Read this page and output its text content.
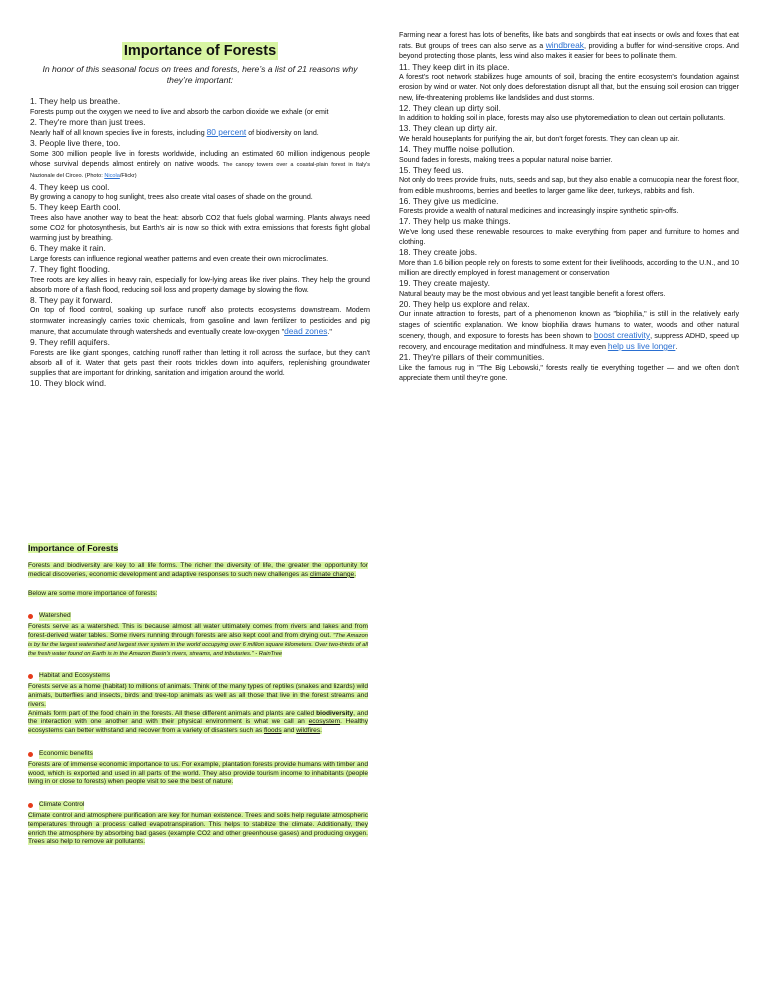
Importance of Forests
In honor of this seasonal focus on trees and forests, here’s a list of 21 reasons why they’re important:
1. They help us breathe.

Forests pump out the oxygen we need to live and absorb the carbon dioxide we exhale (or emit

2. They're more than just trees.

Nearly half of all known species live in forests, including 80 percent of biodiversity on land.

3. People live there, too.

Some 300 million people live in forests worldwide, including an estimated 60 million indigenous people whose survival depends almost entirely on native woods. The canopy towers over a coastal-plain forest in Italy's Nazionale del Circeo. (Photo: Nicola/Flickr)

4. They keep us cool.

By growing a canopy to hog sunlight, trees also create vital oases of shade on the ground.

5. They keep Earth cool.

Trees also have another way to beat the heat: absorb CO2 that fuels global warming. Plants always need some CO2 for photosynthesis, but Earth's air is now so thick with extra emissions that forests fight global warming just by breathing.

6. They make it rain.

Large forests can influence regional weather patterns and even create their own microclimates.

7. They fight flooding.

Tree roots are key allies in heavy rain, especially for low-lying areas like river plains. They help the ground absorb more of a flash flood, reducing soil loss and property damage by slowing the flow.

8. They pay it forward.

On top of flood control, soaking up surface runoff also protects ecosystems downstream. Modern stormwater increasingly carries toxic chemicals, from gasoline and lawn fertilizer to pesticides and pig manure, that accumulate through watersheds and eventually create low-oxygen "dead zones."

9. They refill aquifers.

Forests are like giant sponges, catching runoff rather than letting it roll across the surface, but they can't absorb all of it. Water that gets past their roots trickles down into aquifers, replenishing groundwater supplies that are important for drinking, sanitation and irrigation around the world.

10. They block wind.

Farming near a forest has lots of benefits, like bats and songbirds that eat insects or owls and foxes that eat rats. But groups of trees can also serve as a windbreak, providing a buffer for wind-sensitive crops. And beyond protecting those plants, less wind also makes it easier for bees to pollinate them.

11. They keep dirt in its place.

A forest's root network stabilizes huge amounts of soil, bracing the entire ecosystem's foundation against erosion by wind or water. Not only does deforestation disrupt all that, but the ensuing soil erosion can trigger new, life-threatening problems like landslides and dust storms.

12. They clean up dirty soil.

In addition to holding soil in place, forests may also use phytoremediation to clean out certain pollutants.

13. They clean up dirty air.

We herald houseplants for purifying the air, but don't forget forests. They can clean up air.

14. They muffle noise pollution.

Sound fades in forests, making trees a popular natural noise barrier.

15. They feed us.

Not only do trees provide fruits, nuts, seeds and sap, but they also enable a cornucopia near the forest floor, from edible mushrooms, berries and beetles to larger game like deer, turkeys, rabbits and fish.

16. They give us medicine.

Forests provide a wealth of natural medicines and increasingly inspire synthetic spin-offs.

17. They help us make things.

We've long used these renewable resources to make everything from paper and furniture to homes and clothing.

18. They create jobs.

More than 1.6 billion people rely on forests to some extent for their livelihoods, according to the U.N., and 10 million are directly employed in forest management or conservation

19. They create majesty.

Natural beauty may be the most obvious and yet least tangible benefit a forest offers.

20. They help us explore and relax.

Our innate attraction to forests, part of a phenomenon known as "biophilia," is still in the relatively early stages of scientific explanation. We know biophilia draws humans to water, woods and other natural scenery, though, and exposure to forests has been shown to boost creativity, suppress ADHD, speed up recovery, and encourage meditation and mindfulness. It may even help us live longer.

21. They're pillars of their communities.

Like the famous rug in "The Big Lebowski," forests really tie everything together — and we often don't appreciate them until they're gone.

Importance of Forests

Forests and biodiversity are key to all life forms. The richer the diversity of life, the greater the opportunity for medical discoveries, economic development and adaptive responses to such new challenges as climate change.

Below are some more importance of forests:

Watershed

Forests serve as a watershed. This is because almost all water ultimately comes from rivers and lakes and from forest-derived water tables. Some rivers running through forests are also kept cool and from drying out. "The Amazon is by far the largest watershed and largest river system in the world occupying over 6 million square kilometers. Over two-thirds of all the fresh water found on Earth is in the Amazon Basin's rivers, streams, and tributaries." - RainTree

Habitat and Ecosystems

Forests serve as a home (habitat) to millions of animals. Think of the many types of reptiles (snakes and lizards) wild animals, butterflies and insects, birds and tree-top animals as well as all those that live in the forest streams and rivers.

Animals form part of the food chain in the forests. All these different animals and plants are called biodiversity, and the interaction with one another and with their physical environment is what we call an ecosystem. Healthy ecosystems can better withstand and recover from a variety of disasters such as floods and wildfires.

Economic benefits

Forests are of immense economic importance to us. For example, plantation forests provide humans with timber and wood, which is exported and used in all parts of the world. They also provide tourism income to inhabitants (people living in or close to forests) when people visit to see the best of nature.

Climate Control

Climate control and atmosphere purification are key for human existence. Trees and soils help regulate atmospheric temperatures through a process called evapotranspiration. This helps to stabilize the climate. Additionally, they enrich the atmosphere by absorbing bad gases (example CO2 and other greenhouse gases) and producing oxygen. Trees also help to remove air pollutants.
